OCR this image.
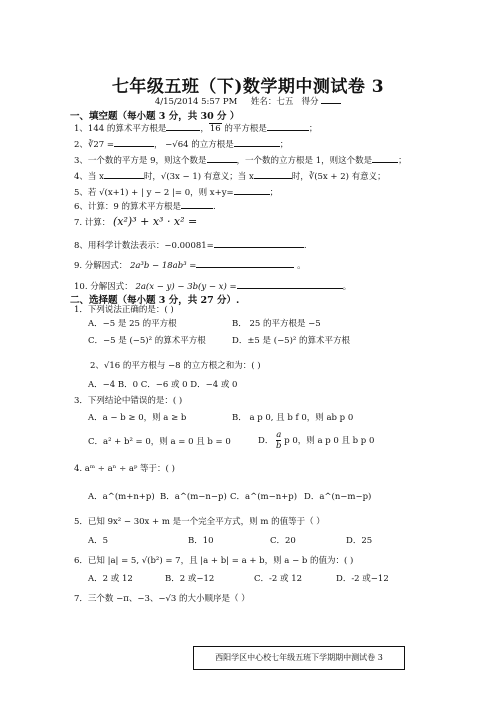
七年级五班（下)数学期中测试卷 3
4/15/2014 5:57 PM 姓名：七五 得分
一、填空题（每小题 3 分，共 30 分 ）
1、144 的算术平方根是	，16 的平方根是	；
2、∛27 =	， −√64 的立方根是	；
3、一个数的平方是 9，则这个数是	，一个数的立方根是 1，则这个数是	；
4、当 x	时，√(3x − 1) 有意义；当 x	时，∛(5x + 2) 有意义；
5、若 √(x+1) + | y − 2 |= 0，则 x+y=	；
6、计算：9 的算术平方根是	.
7. 计算： (x²)³ + x³ · x² =
8、用科学计数法表示：−0.00081=	.
9. 分解因式： 2a³b − 18ab³ =	。
10. 分解因式： 2a(x − y) − 3b(y − x) =	。
二、选择题（每小题 3 分，共 27 分）.
1．下列说法正确的是：( )
A．−5 是 25 的平方根	B． 25 的平方根是 −5
C．−5 是 (−5)² 的算术平方根	D．±5 是 (−5)² 的算术平方根
2、√16 的平方根与 −8 的立方根之和为：( )
A．−4 B．0 C．−6 或 0 D．−4 或 0
3．下列结论中错误的是：( )
A．a − b ≥ 0，则 a ≥ b	B． a p 0, 且 b f 0，则 ab p 0
C．a² + b² = 0，则 a = 0 且 b = 0	D． $\frac{a}{b}$ p 0，则 a p 0 且 b p 0
4. aᵐ ÷ aⁿ ÷ aᵖ 等于：( )
A．a^(m+n+p) B．a^(m−n−p) C．a^(m−n+p) D．a^(n−m−p)
5．已知 9x² − 30x + m 是一个完全平方式，则 m 的值等于（ ）
A．5	B．10	C．20	D．25
6．已知 |a| = 5, √(b²) = 7，且 |a + b| = a + b，则 a − b 的值为：( )
A．2 或 12	B．2 或−12	C．-2 或 12	D．-2 或−12
7．三个数 −π、−3、−√3 的大小顺序是（ ）
西阳学区中心校七年级五班下学期期中测试卷 3
